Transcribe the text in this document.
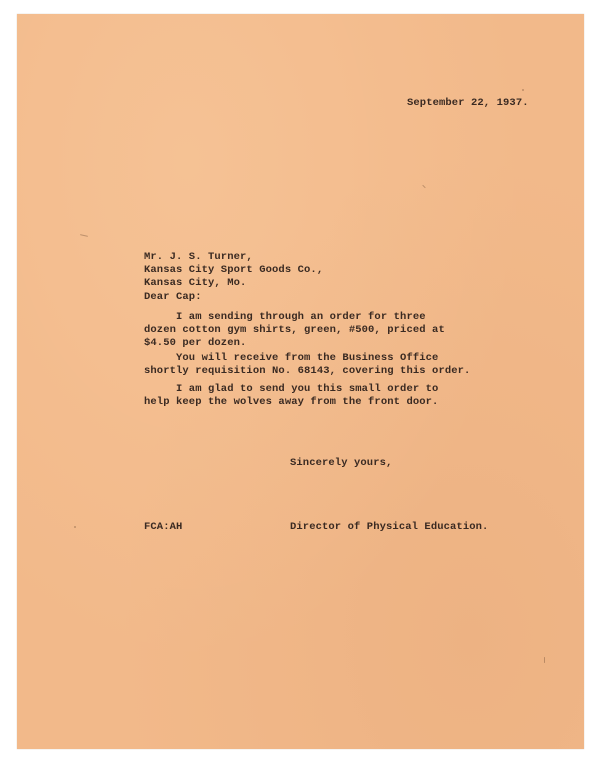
September 22, 1937.
Mr. J. S. Turner,
Kansas City Sport Goods Co.,
Kansas City, Mo.
Dear Cap:
I am sending through an order for three
dozen cotton gym shirts, green, #500, priced at
$4.50 per dozen.
You will receive from the Business Office
shortly requisition No. 68143, covering this order.
I am glad to send you this small order to
help keep the wolves away from the front door.
Sincerely yours,
FCA:AH	Director of Physical Education.
